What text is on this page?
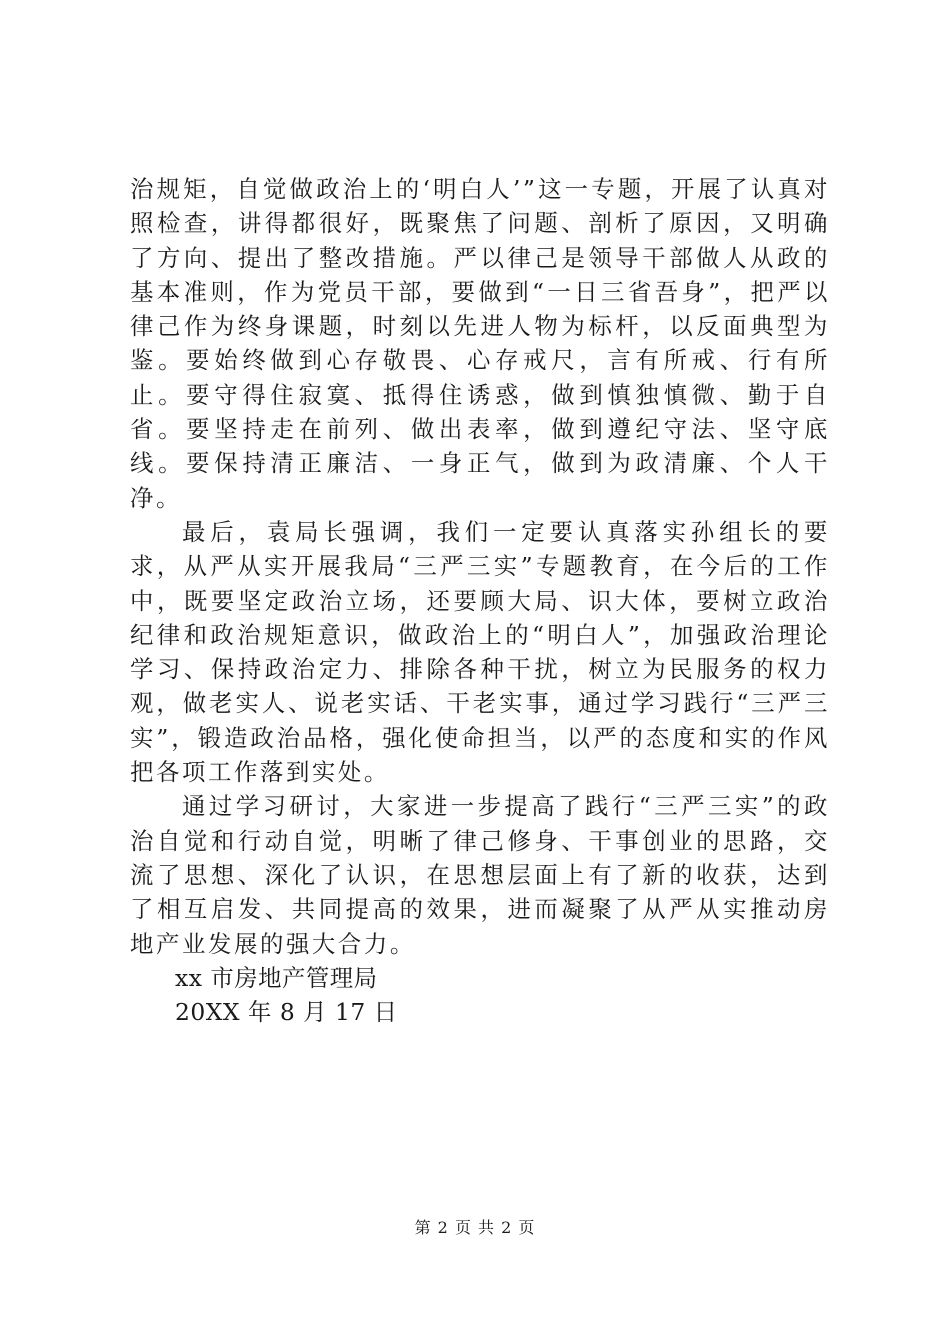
治规矩，自觉做政治上的‘明白人’”这一专题，开展了认真对照检查，讲得都很好，既聚焦了问题、剖析了原因，又明确了方向、提出了整改措施。严以律己是领导干部做人从政的基本准则，作为党员干部，要做到“一日三省吾身”，把严以律己作为终身课题，时刻以先进人物为标杆，以反面典型为鉴。要始终做到心存敬畏、心存戒尺，言有所戒、行有所止。要守得住寂寞、抵得住诱惑，做到慎独慎微、勤于自省。要坚持走在前列、做出表率，做到遵纪守法、坚守底线。要保持清正廉洁、一身正气，做到为政清廉、个人干净。

最后，袁局长强调，我们一定要认真落实孙组长的要求，从严从实开展我局“三严三实”专题教育，在今后的工作中，既要坚定政治立场，还要顾大局、识大体，要树立政治纪律和政治规矩意识，做政治上的“明白人”，加强政治理论学习、保持政治定力、排除各种干扰，树立为民服务的权力观，做老实人、说老实话、干老实事，通过学习践行“三严三实”，锻造政治品格，强化使命担当，以严的态度和实的作风把各项工作落到实处。

通过学习研讨，大家进一步提高了践行“三严三实”的政治自觉和行动自觉，明晰了律己修身、干事创业的思路，交流了思想、深化了认识，在思想层面上有了新的收获，达到了相互启发、共同提高的效果，进而凝聚了从严从实推动房地产业发展的强大合力。

xx 市房地产管理局

20XX 年 8 月 17 日

第 2 页 共 2 页
